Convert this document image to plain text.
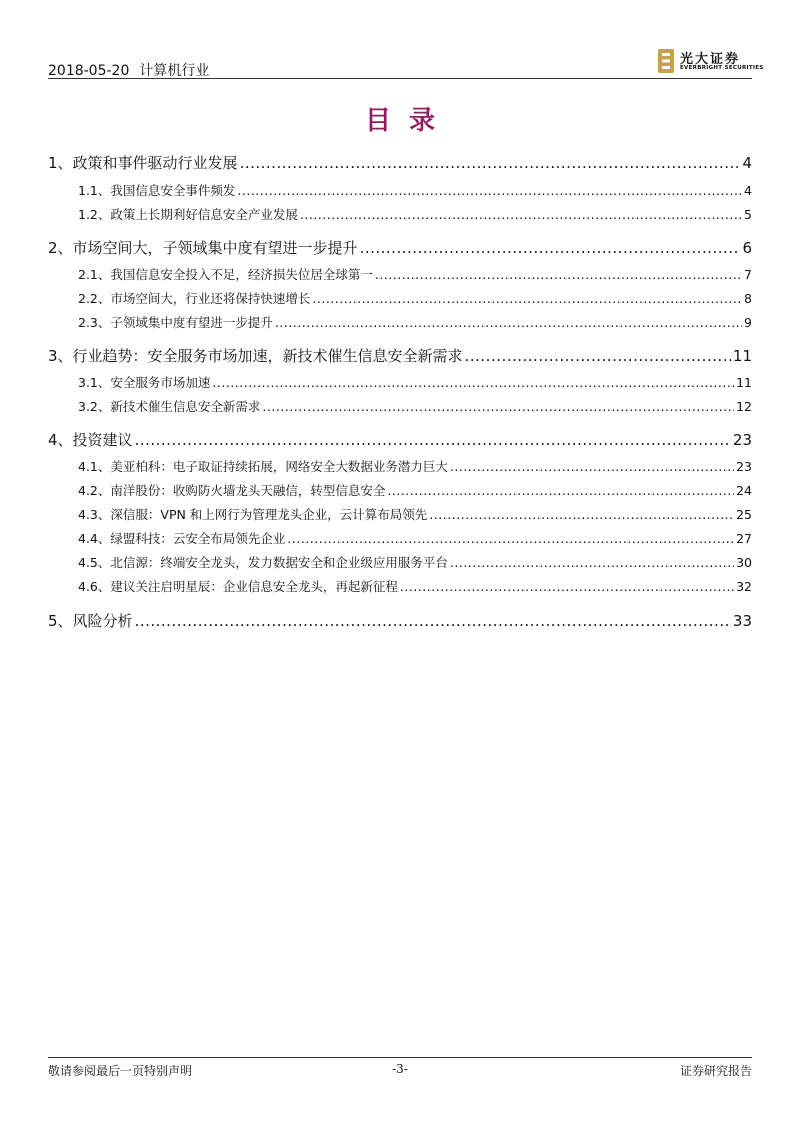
2018-05-20 计算机行业
光大证券
EVERBRIGHT SECURITIES
目录
1、 政策和事件驱动行业发展 .....	4
1.1、 我国信息安全事件频发 .....	4
1.2、 政策上长期利好信息安全产业发展 .....	5
2、 市场空间大，子领域集中度有望进一步提升 .....	6
2.1、 我国信息安全投入不足，经济损失位居全球第一 .....	7
2.2、 市场空间大，行业还将保持快速增长 .....	8
2.3、 子领域集中度有望进一步提升 .....	9
3、 行业趋势：安全服务市场加速，新技术催生信息安全新需求 .....	11
3.1、 安全服务市场加速 .....	11
3.2、 新技术催生信息安全新需求 .....	12
4、 投资建议 .....	23
4.1、 美亚柏科：电子取证持续拓展，网络安全大数据业务潜力巨大 .....	23
4.2、 南洋股份：收购防火墙龙头天融信，转型信息安全 .....	24
4.3、 深信服：VPN 和上网行为管理龙头企业，云计算布局领先 .....	25
4.4、 绿盟科技：云安全布局领先企业 .....	27
4.5、 北信源：终端安全龙头，发力数据安全和企业级应用服务平台 .....	30
4.6、 建议关注启明星辰：企业信息安全龙头，再起新征程 .....	32
5、 风险分析 .....	33
敬请参阅最后一页特别声明	-3-	证券研究报告
